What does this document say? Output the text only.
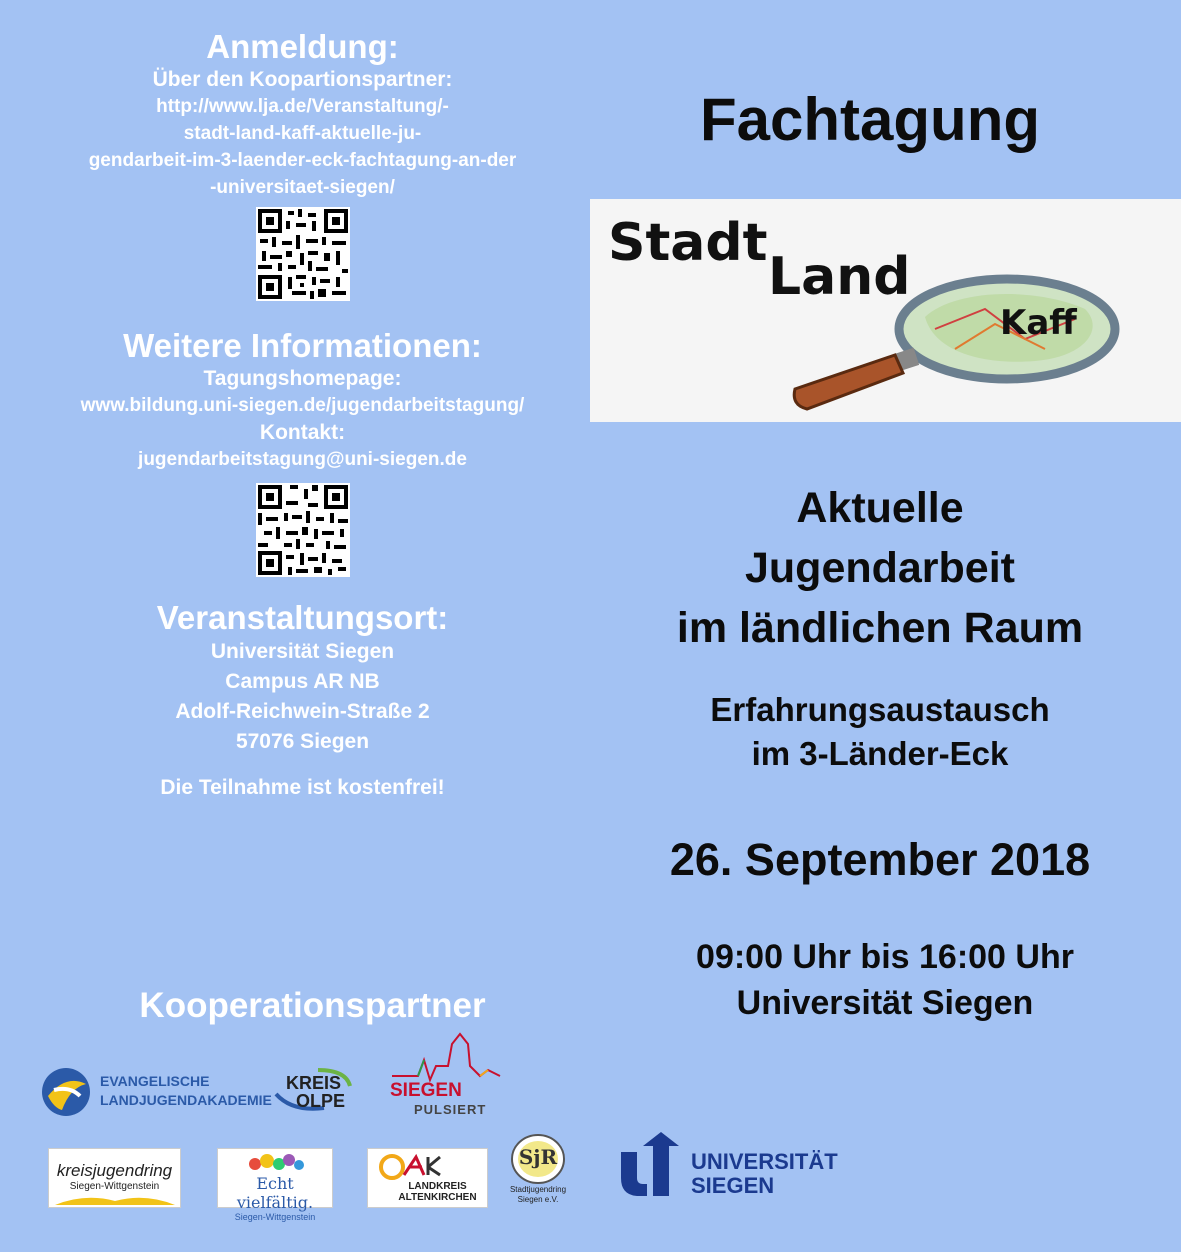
Anmeldung:
Über den Koopartionspartner:
http://www.lja.de/Veranstaltung/-
stadt-land-kaff-aktuelle-ju-
gendarbeit-im-3-laender-eck-fachtagung-an-der
-universitaet-siegen/
Weitere Informationen:
Tagungshomepage:
www.bildung.uni-siegen.de/jugendarbeitstagung/
Kontakt:
jugendarbeitstagung@uni-siegen.de
Veranstaltungsort:
Universität Siegen
Campus AR NB
Adolf-Reichwein-Straße 2
57076 Siegen
Die Teilnahme ist kostenfrei!
Fachtagung
Stadt
Land
Kaff
Aktuelle
Jugendarbeit
im ländlichen Raum
Erfahrungsaustausch
im 3-Länder-Eck
26. September 2018
09:00 Uhr bis 16:00 Uhr
Universität Siegen
Kooperationspartner
EVANGELISCHE
LANDJUGENDAKADEMIE
KREIS
OLPE SIEGEN
PULSIERT
kreisjugendring
Siegen-Wittgenstein	Echt vielfältig.
Siegen-Wittgenstein
LANDKREIS
ALTENKIRCHEN
SjR
Stadtjugendring
Siegen e.V.
UNIVERSITÄT
SIEGEN
